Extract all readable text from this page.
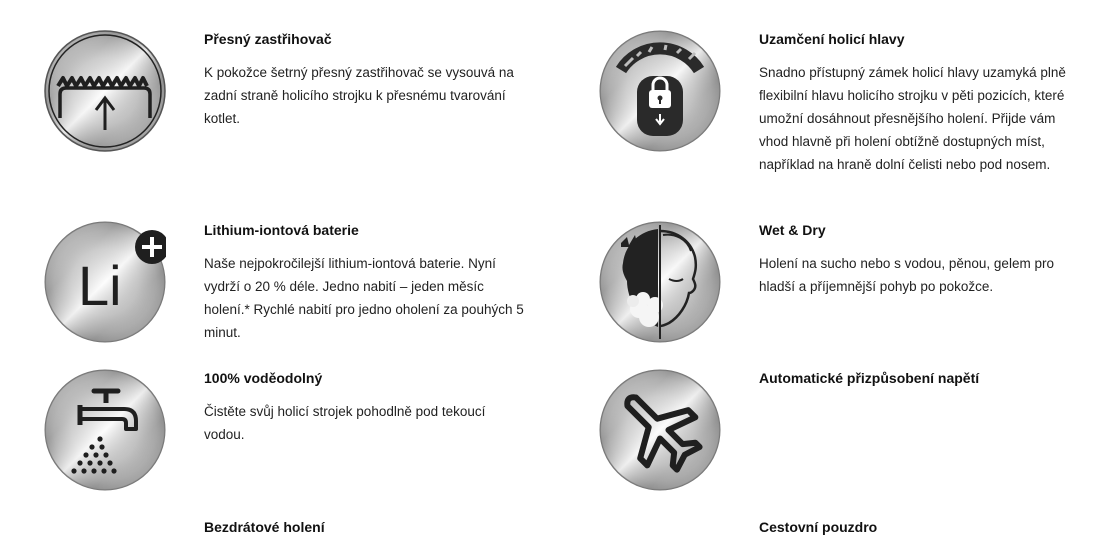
Přesný zastřihovač

K pokožce šetrný přesný zastřihovač se vysouvá na zadní straně holicího strojku k přesnému tvarování kotlet.

Uzamčení holicí hlavy

Snadno přístupný zámek holicí hlavy uzamyká plně flexibilní hlavu holicího strojku v pěti pozicích, které umožní dosáhnout přesnějšího holení. Přijde vám vhod hlavně při holení obtížně dostupných míst, například na hraně dolní čelisti nebo pod nosem.

Li

Lithium-iontová baterie

Naše nejpokročilejší lithium-iontová baterie. Nyní vydrží o 20 % déle. Jedno nabití – jeden měsíc holení.* Rychlé nabití pro jedno oholení za pouhých 5 minut.

Wet & Dry

Holení na sucho nebo s vodou, pěnou, gelem pro hladší a příjemnější pohyb po pokožce.

100% voděodolný

Čistěte svůj holicí strojek pohodlně pod tekoucí vodou.

Automatické přizpůsobení napětí

Bezdrátové holení	Cestovní pouzdro
